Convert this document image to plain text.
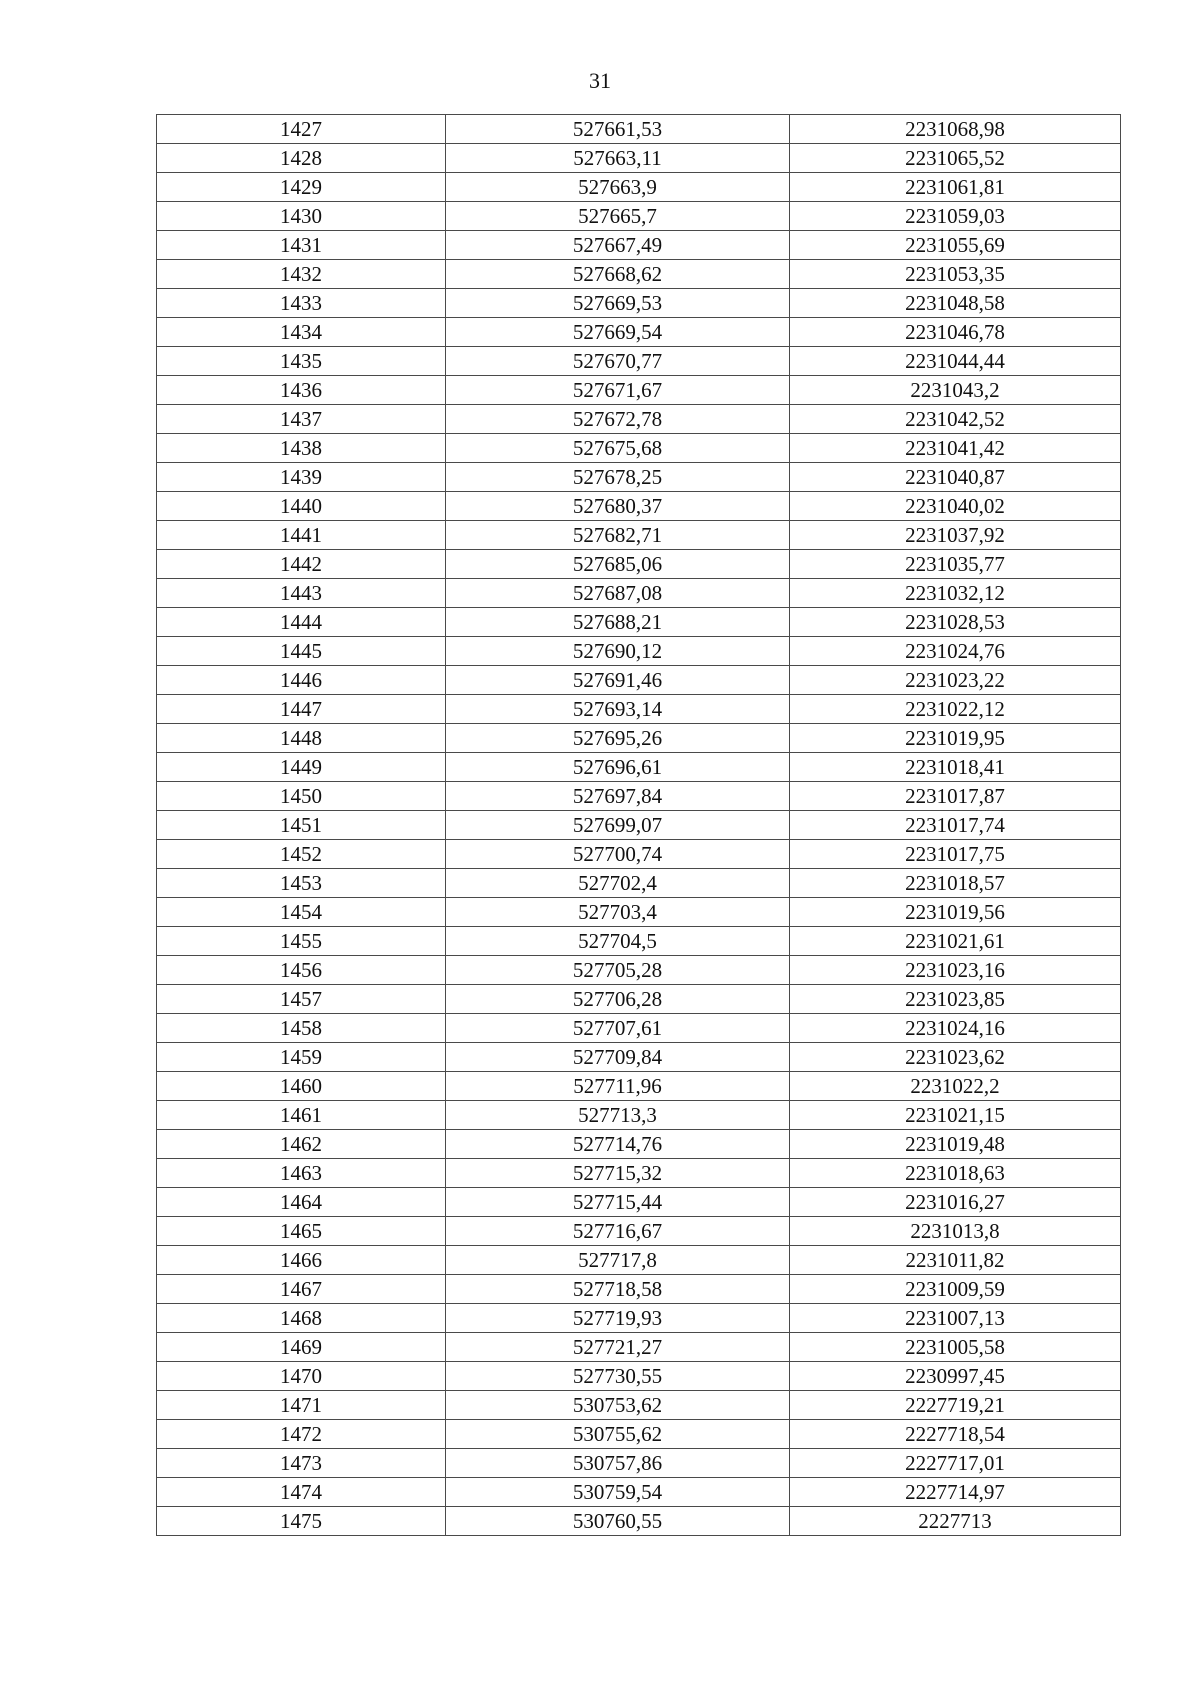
31
1427	527661,53	2231068,98
1428	527663,11	2231065,52
1429	527663,9	2231061,81
1430	527665,7	2231059,03
1431	527667,49	2231055,69
1432	527668,62	2231053,35
1433	527669,53	2231048,58
1434	527669,54	2231046,78
1435	527670,77	2231044,44
1436	527671,67	2231043,2
1437	527672,78	2231042,52
1438	527675,68	2231041,42
1439	527678,25	2231040,87
1440	527680,37	2231040,02
1441	527682,71	2231037,92
1442	527685,06	2231035,77
1443	527687,08	2231032,12
1444	527688,21	2231028,53
1445	527690,12	2231024,76
1446	527691,46	2231023,22
1447	527693,14	2231022,12
1448	527695,26	2231019,95
1449	527696,61	2231018,41
1450	527697,84	2231017,87
1451	527699,07	2231017,74
1452	527700,74	2231017,75
1453	527702,4	2231018,57
1454	527703,4	2231019,56
1455	527704,5	2231021,61
1456	527705,28	2231023,16
1457	527706,28	2231023,85
1458	527707,61	2231024,16
1459	527709,84	2231023,62
1460	527711,96	2231022,2
1461	527713,3	2231021,15
1462	527714,76	2231019,48
1463	527715,32	2231018,63
1464	527715,44	2231016,27
1465	527716,67	2231013,8
1466	527717,8	2231011,82
1467	527718,58	2231009,59
1468	527719,93	2231007,13
1469	527721,27	2231005,58
1470	527730,55	2230997,45
1471	530753,62	2227719,21
1472	530755,62	2227718,54
1473	530757,86	2227717,01
1474	530759,54	2227714,97
1475	530760,55	2227713
